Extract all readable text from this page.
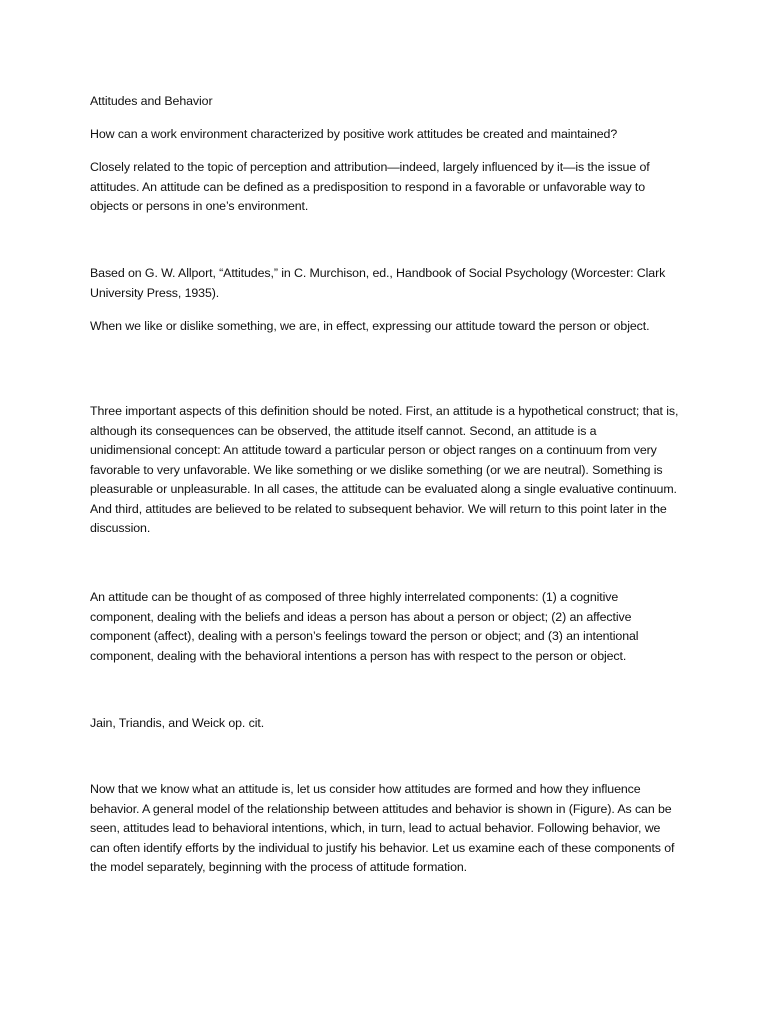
Attitudes and Behavior

How can a work environment characterized by positive work attitudes be created and maintained?

Closely related to the topic of perception and attribution—indeed, largely influenced by it—is the issue of attitudes. An attitude can be defined as a predisposition to respond in a favorable or unfavorable way to objects or persons in one’s environment.

Based on G. W. Allport, “Attitudes,” in C. Murchison, ed., Handbook of Social Psychology (Worcester: Clark University Press, 1935).

When we like or dislike something, we are, in effect, expressing our attitude toward the person or object.

Three important aspects of this definition should be noted. First, an attitude is a hypothetical construct; that is, although its consequences can be observed, the attitude itself cannot. Second, an attitude is a unidimensional concept: An attitude toward a particular person or object ranges on a continuum from very favorable to very unfavorable. We like something or we dislike something (or we are neutral). Something is pleasurable or unpleasurable. In all cases, the attitude can be evaluated along a single evaluative continuum. And third, attitudes are believed to be related to subsequent behavior. We will return to this point later in the discussion.

An attitude can be thought of as composed of three highly interrelated components: (1) a cognitive component, dealing with the beliefs and ideas a person has about a person or object; (2) an affective component (affect), dealing with a person’s feelings toward the person or object; and (3) an intentional component, dealing with the behavioral intentions a person has with respect to the person or object.

Jain, Triandis, and Weick op. cit.

Now that we know what an attitude is, let us consider how attitudes are formed and how they influence behavior. A general model of the relationship between attitudes and behavior is shown in (Figure). As can be seen, attitudes lead to behavioral intentions, which, in turn, lead to actual behavior. Following behavior, we can often identify efforts by the individual to justify his behavior. Let us examine each of these components of the model separately, beginning with the process of attitude formation.
